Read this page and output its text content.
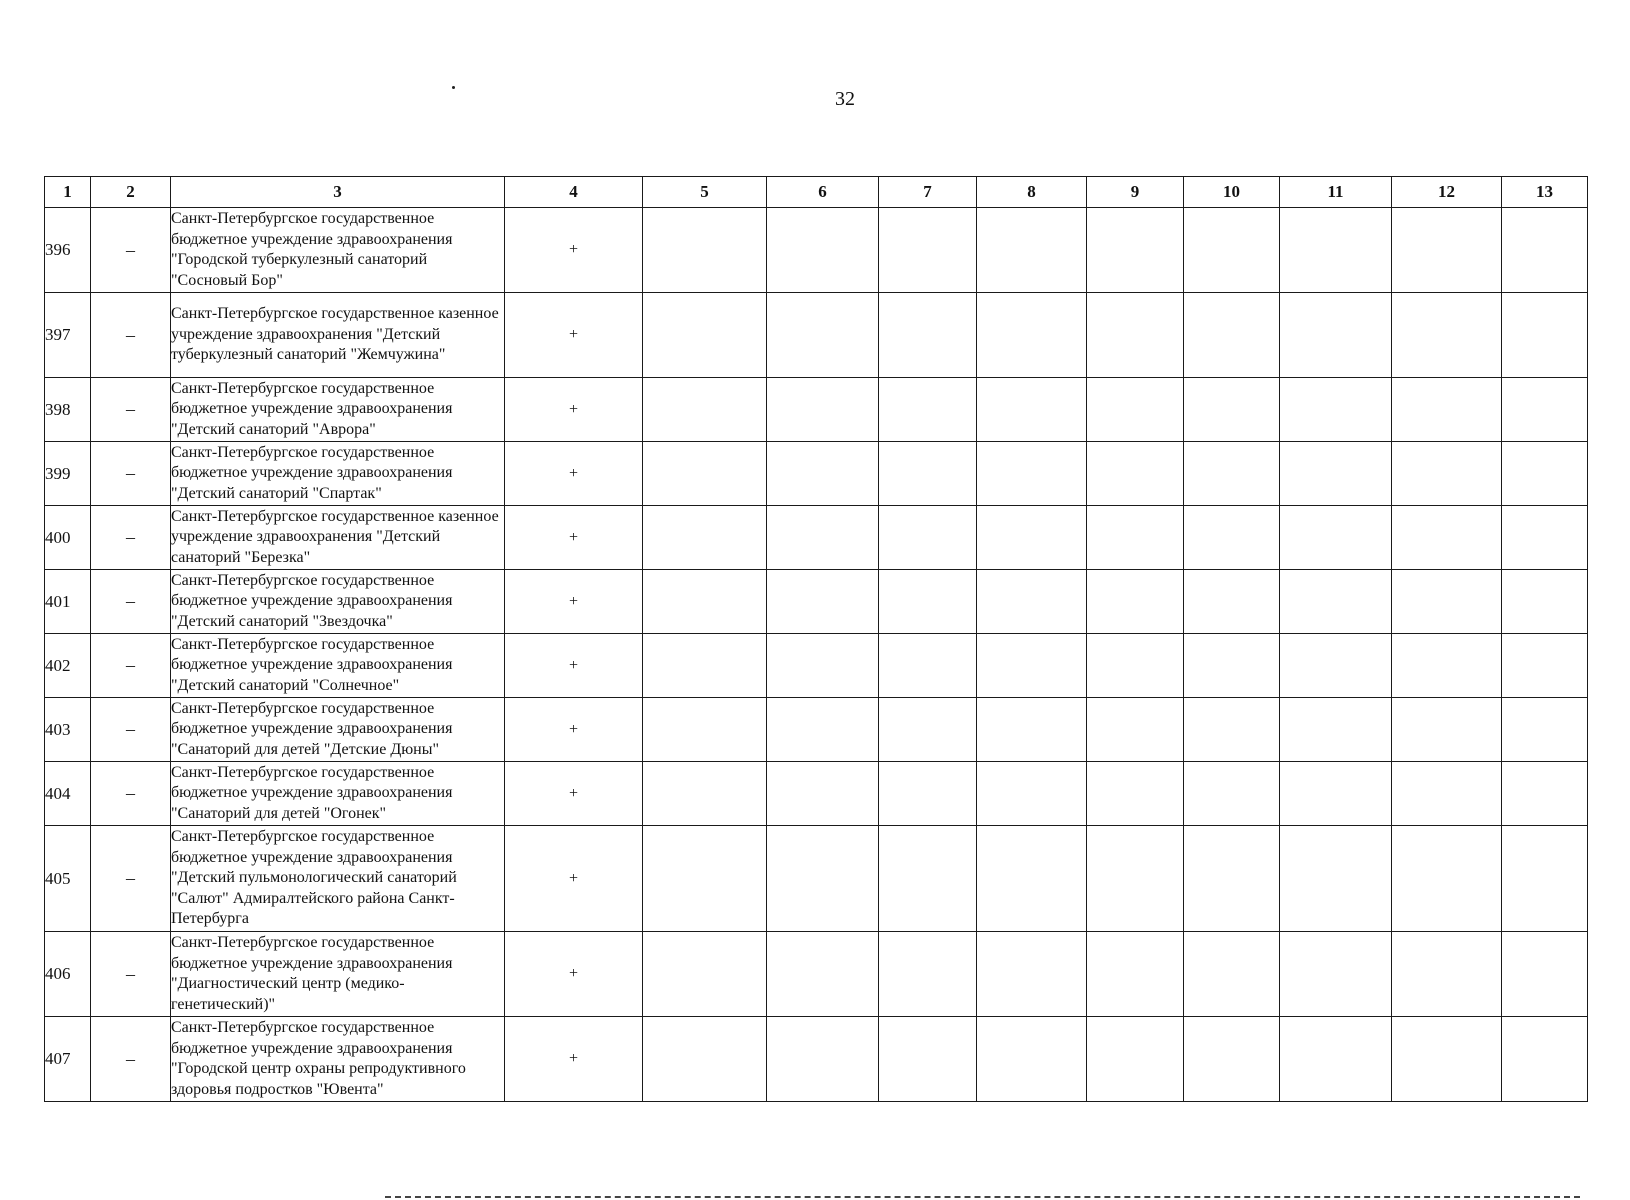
32
1	2	3	4	5	6	7	8	9	10	11	12	13
396	–	Санкт-Петербургское государственное бюджетное учреждение здравоохранения "Городской туберкулезный санаторий "Сосновый Бор"	+									
397	–	Санкт-Петербургское государственное казенное учреждение здравоохранения "Детский туберкулезный санаторий "Жемчужина"	+									
398	–	Санкт-Петербургское государственное бюджетное учреждение здравоохранения "Детский санаторий "Аврора"	+									
399	–	Санкт-Петербургское государственное бюджетное учреждение здравоохранения "Детский санаторий "Спартак"	+									
400	–	Санкт-Петербургское государственное казенное учреждение здравоохранения "Детский санаторий "Березка"	+									
401	–	Санкт-Петербургское государственное бюджетное учреждение здравоохранения "Детский санаторий "Звездочка"	+									
402	–	Санкт-Петербургское государственное бюджетное учреждение здравоохранения "Детский санаторий "Солнечное"	+									
403	–	Санкт-Петербургское государственное бюджетное учреждение здравоохранения "Санаторий для детей "Детские Дюны"	+									
404	–	Санкт-Петербургское государственное бюджетное учреждение здравоохранения "Санаторий для детей "Огонек"	+									
405	–	Санкт-Петербургское государственное бюджетное учреждение здравоохранения "Детский пульмонологический санаторий "Салют" Адмиралтейского района Санкт-Петербурга	+									
406	–	Санкт-Петербургское государственное бюджетное учреждение здравоохранения "Диагностический центр (медико-генетический)"	+									
407	–	Санкт-Петербургское государственное бюджетное учреждение здравоохранения "Городской центр охраны репродуктивного здоровья подростков "Ювента"	+									
